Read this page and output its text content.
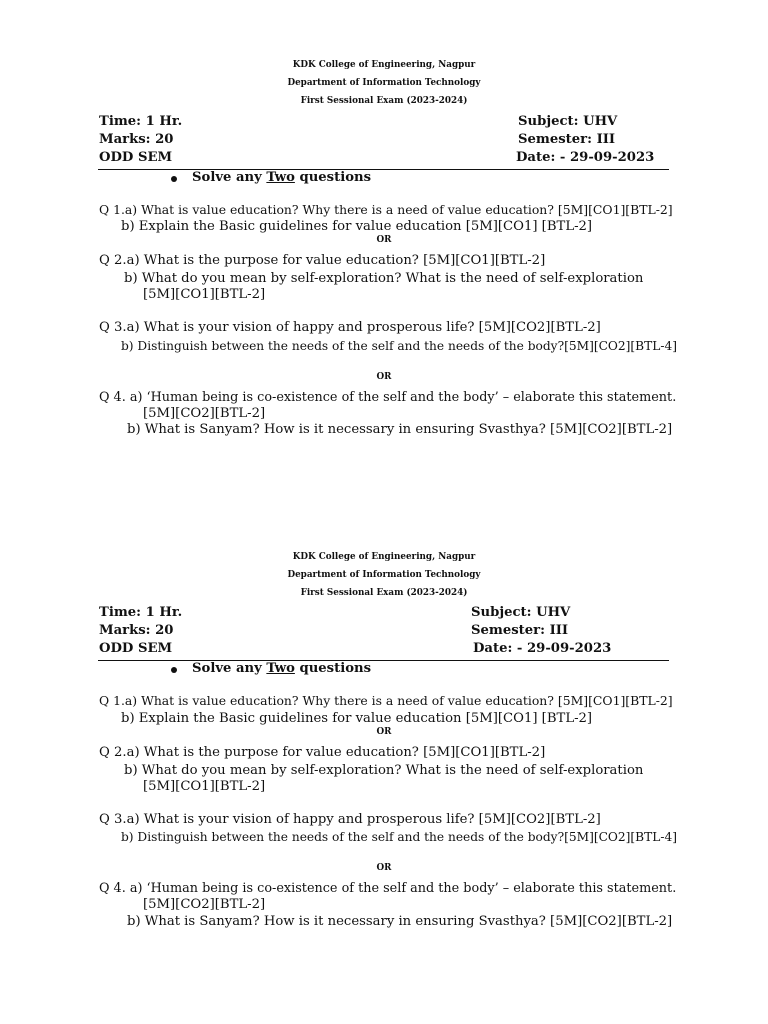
KDK College of Engineering, Nagpur
Department of Information Technology
First Sessional Exam (2023-2024)
Time: 1 Hr.
Marks: 20
ODD SEM
Subject: UHV
Semester: III
Date: - 29-09-2023
Solve any Two questions
Q 1.a) What is value education? Why there is a need of value education? [5M][CO1][BTL-2]
b) Explain the Basic guidelines for value education [5M][CO1] [BTL-2]
OR
Q 2.a) What is the purpose for value education? [5M][CO1][BTL-2]
b) What do you mean by self-exploration? What is the need of self-exploration
[5M][CO1][BTL-2]
Q 3.a) What is your vision of happy and prosperous life? [5M][CO2][BTL-2]
b) Distinguish between the needs of the self and the needs of the body?[5M][CO2][BTL-4]
OR
Q 4. a) ‘Human being is co-existence of the self and the body’ – elaborate this statement.
[5M][CO2][BTL-2]
b) What is Sanyam? How is it necessary in ensuring Svasthya? [5M][CO2][BTL-2]
KDK College of Engineering, Nagpur
Department of Information Technology
First Sessional Exam (2023-2024)
Time: 1 Hr.
Marks: 20
ODD SEM
Subject: UHV
Semester: III
Date: - 29-09-2023
Solve any Two questions
Q 1.a) What is value education? Why there is a need of value education? [5M][CO1][BTL-2]
b) Explain the Basic guidelines for value education [5M][CO1] [BTL-2]
OR
Q 2.a) What is the purpose for value education? [5M][CO1][BTL-2]
b) What do you mean by self-exploration? What is the need of self-exploration
[5M][CO1][BTL-2]
Q 3.a) What is your vision of happy and prosperous life? [5M][CO2][BTL-2]
b) Distinguish between the needs of the self and the needs of the body?[5M][CO2][BTL-4]
OR
Q 4. a) ‘Human being is co-existence of the self and the body’ – elaborate this statement.
[5M][CO2][BTL-2]
b) What is Sanyam? How is it necessary in ensuring Svasthya? [5M][CO2][BTL-2]
